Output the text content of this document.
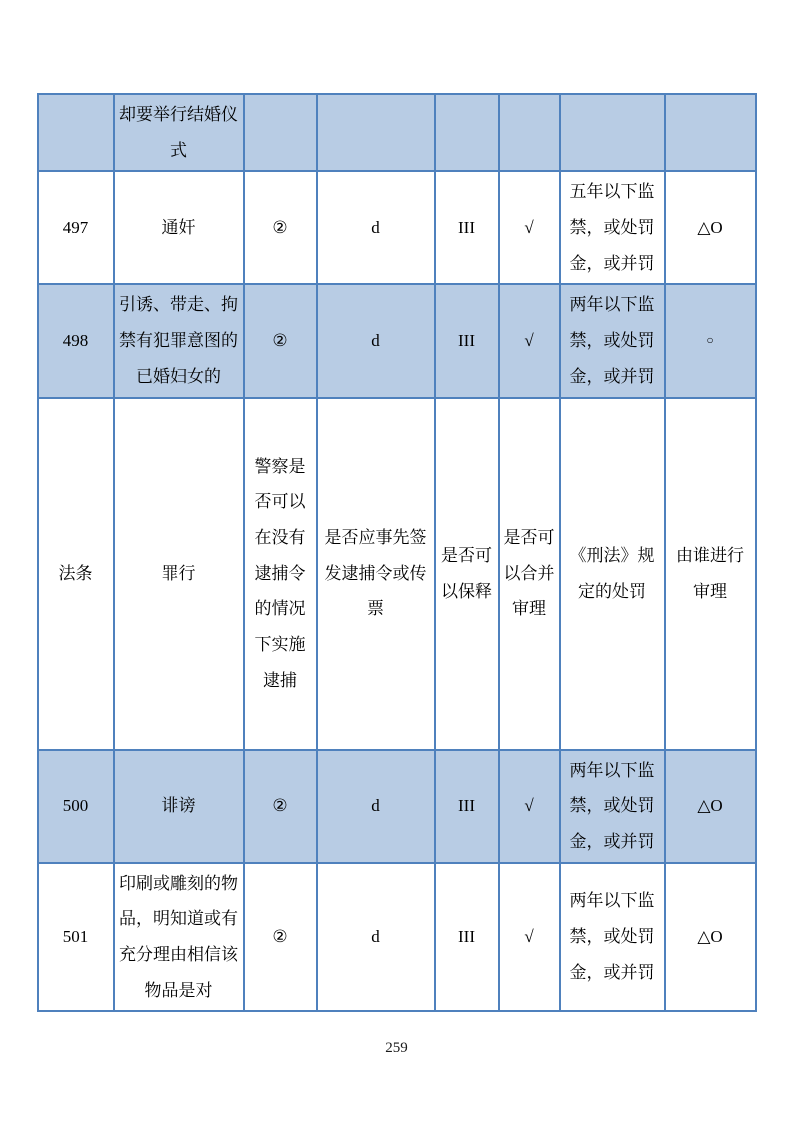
	却要举行结婚仪式						
497	通奸	②	d	III	√	五年以下监禁，或处罚金，或并罚	△O
498	引诱、带走、拘禁有犯罪意图的已婚妇女的	②	d	III	√	两年以下监禁，或处罚金，或并罚	○
法条	罪行	警察是否可以在没有逮捕令的情况下实施逮捕	是否应事先签发逮捕令或传票	是否可以保释	是否可以合并审理	《刑法》规定的处罚	由谁进行审理
500	诽谤	②	d	III	√	两年以下监禁，或处罚金，或并罚	△O
501	印刷或雕刻的物品，明知道或有充分理由相信该物品是对	②	d	III	√	两年以下监禁，或处罚金，或并罚	△O
259
